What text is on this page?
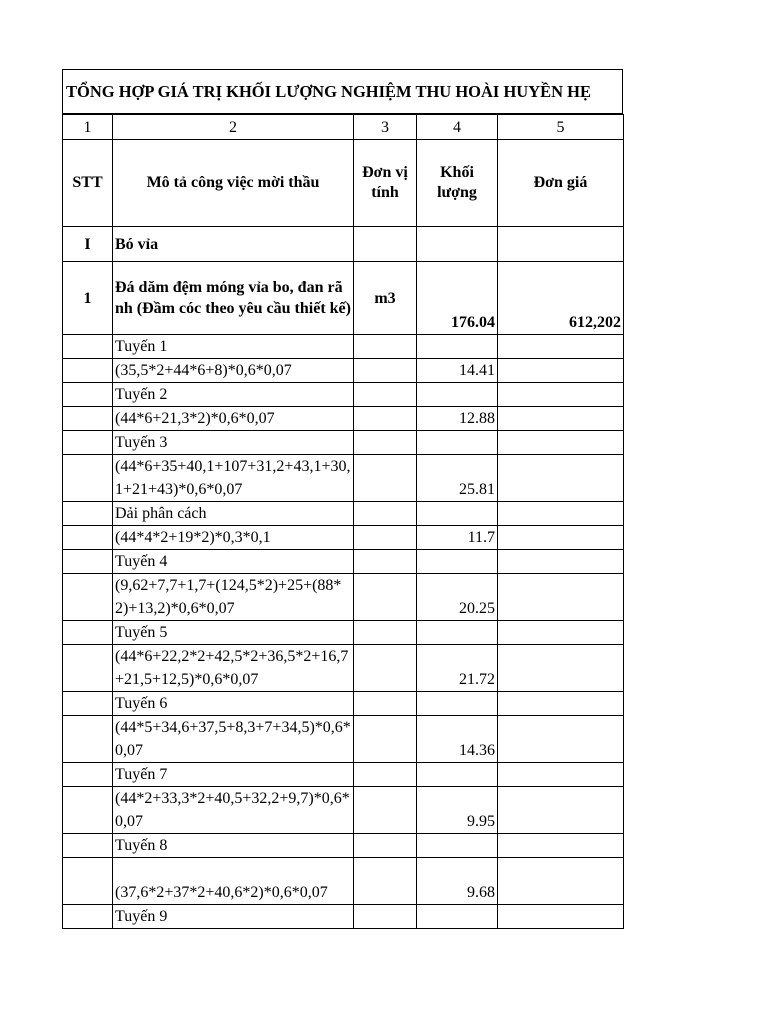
TỔNG HỢP GIÁ TRỊ KHỐI LƯỢNG NGHIỆM THU HOÀI HUYỀN HẸ
1	2	3	4	5
STT	Mô tả công việc mời thầu	Đơn vị tính	Khối lượng	Đơn giá
I	Bó vỉa			
1	Đá dăm đệm móng vỉa bo, đan rãnh (Đầm cóc theo yêu cầu thiết kế)	m3	176.04	612,202
	Tuyến 1			
	(35,5*2+44*6+8)*0,6*0,07		14.41	
	Tuyến 2			
	(44*6+21,3*2)*0,6*0,07		12.88	
	Tuyến 3			
	(44*6+35+40,1+107+31,2+43,1+30,1+21+43)*0,6*0,07		25.81	
	Dải phân cách			
	(44*4*2+19*2)*0,3*0,1		11.7	
	Tuyến 4			
	(9,62+7,7+1,7+(124,5*2)+25+(88*2)+13,2)*0,6*0,07		20.25	
	Tuyến 5			
	(44*6+22,2*2+42,5*2+36,5*2+16,7+21,5+12,5)*0,6*0,07		21.72	
	Tuyến 6			
	(44*5+34,6+37,5+8,3+7+34,5)*0,6*0,07		14.36	
	Tuyến 7			
	(44*2+33,3*2+40,5+32,2+9,7)*0,6*0,07		9.95	
	Tuyến 8			
	(37,6*2+37*2+40,6*2)*0,6*0,07		9.68	
	Tuyến 9			
